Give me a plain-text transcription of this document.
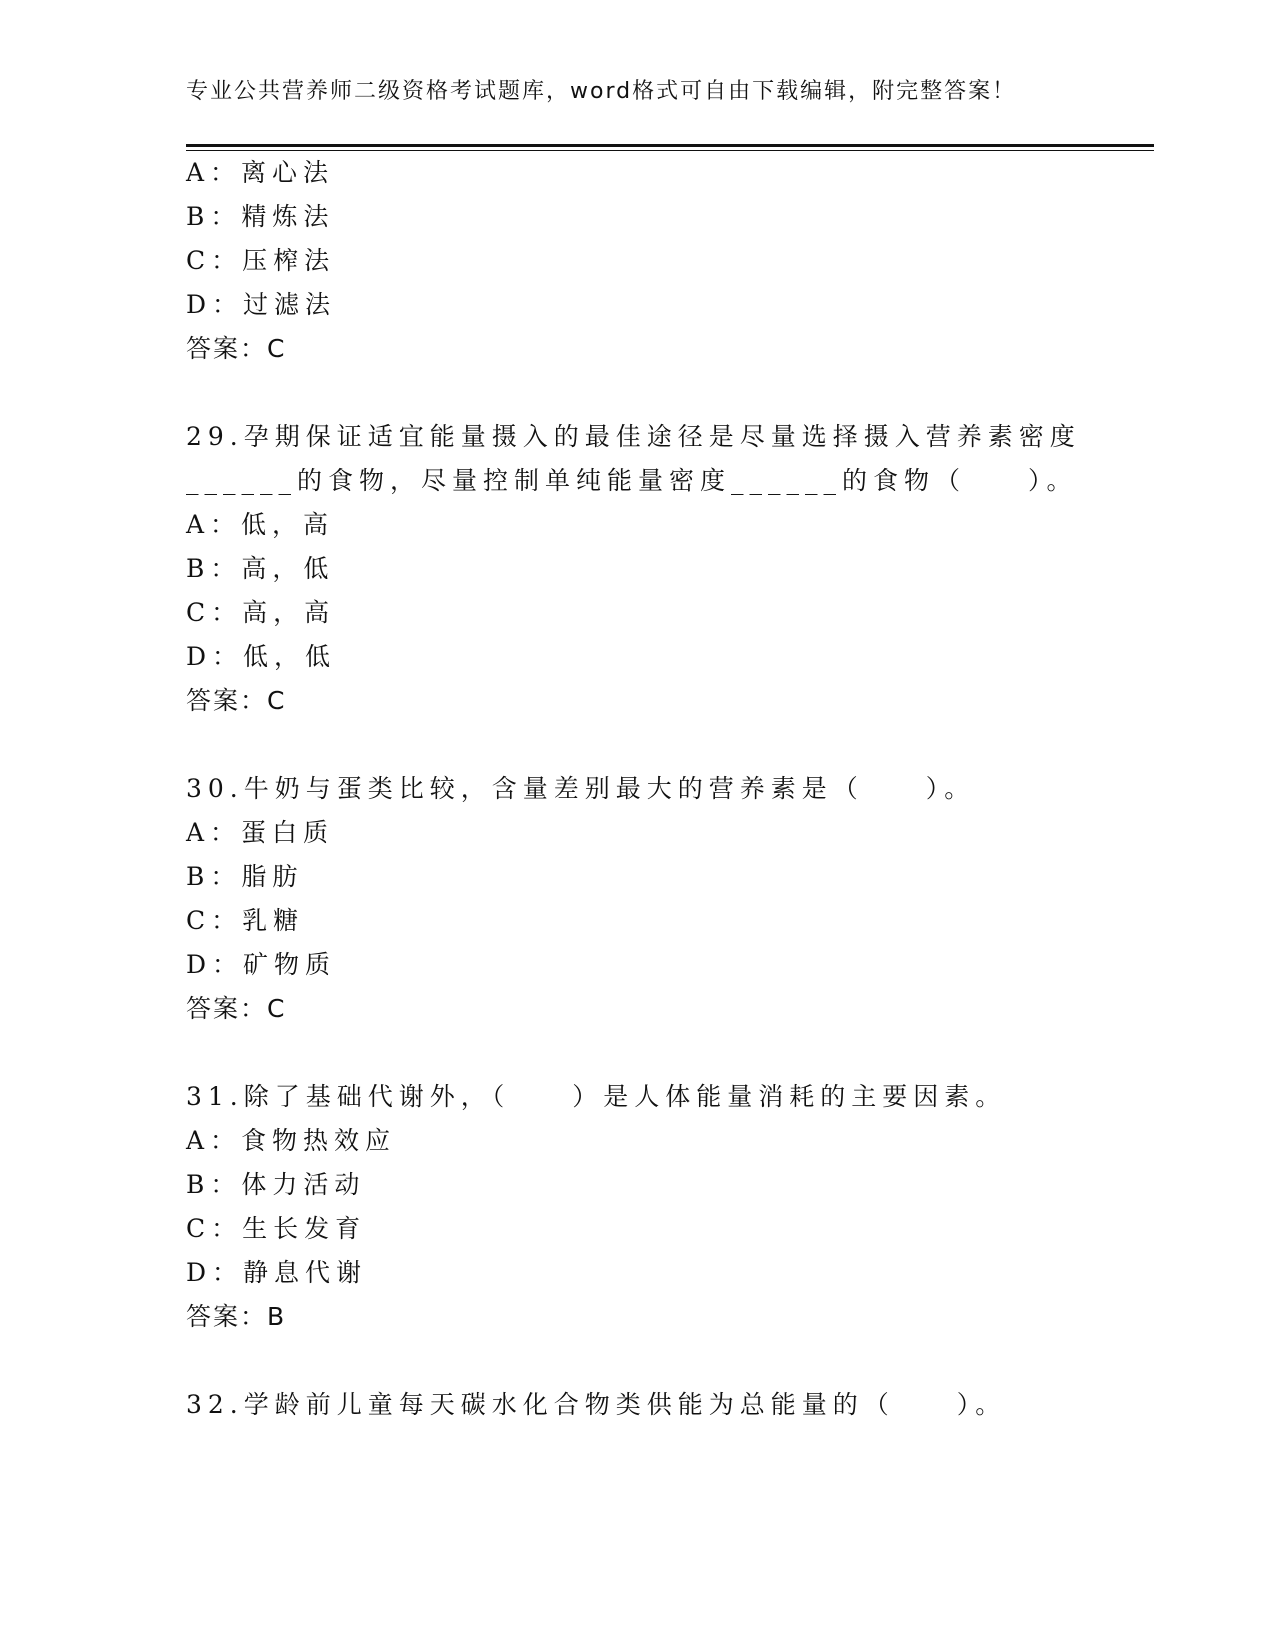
专业公共营养师二级资格考试题库，word格式可自由下载编辑，附完整答案！
A：离心法
B：精炼法
C：压榨法
D：过滤法
答案：C
29.孕期保证适宜能量摄入的最佳途径是尽量选择摄入营养素密度
______的食物，尽量控制单纯能量密度______的食物（　　）。
A：低，高
B：高，低
C：高，高
D：低，低
答案：C
30.牛奶与蛋类比较，含量差别最大的营养素是（　　）。
A：蛋白质
B：脂肪
C：乳糖
D：矿物质
答案：C
31.除了基础代谢外，（　　）是人体能量消耗的主要因素。
A：食物热效应
B：体力活动
C：生长发育
D：静息代谢
答案：B
32.学龄前儿童每天碳水化合物类供能为总能量的（　　）。
